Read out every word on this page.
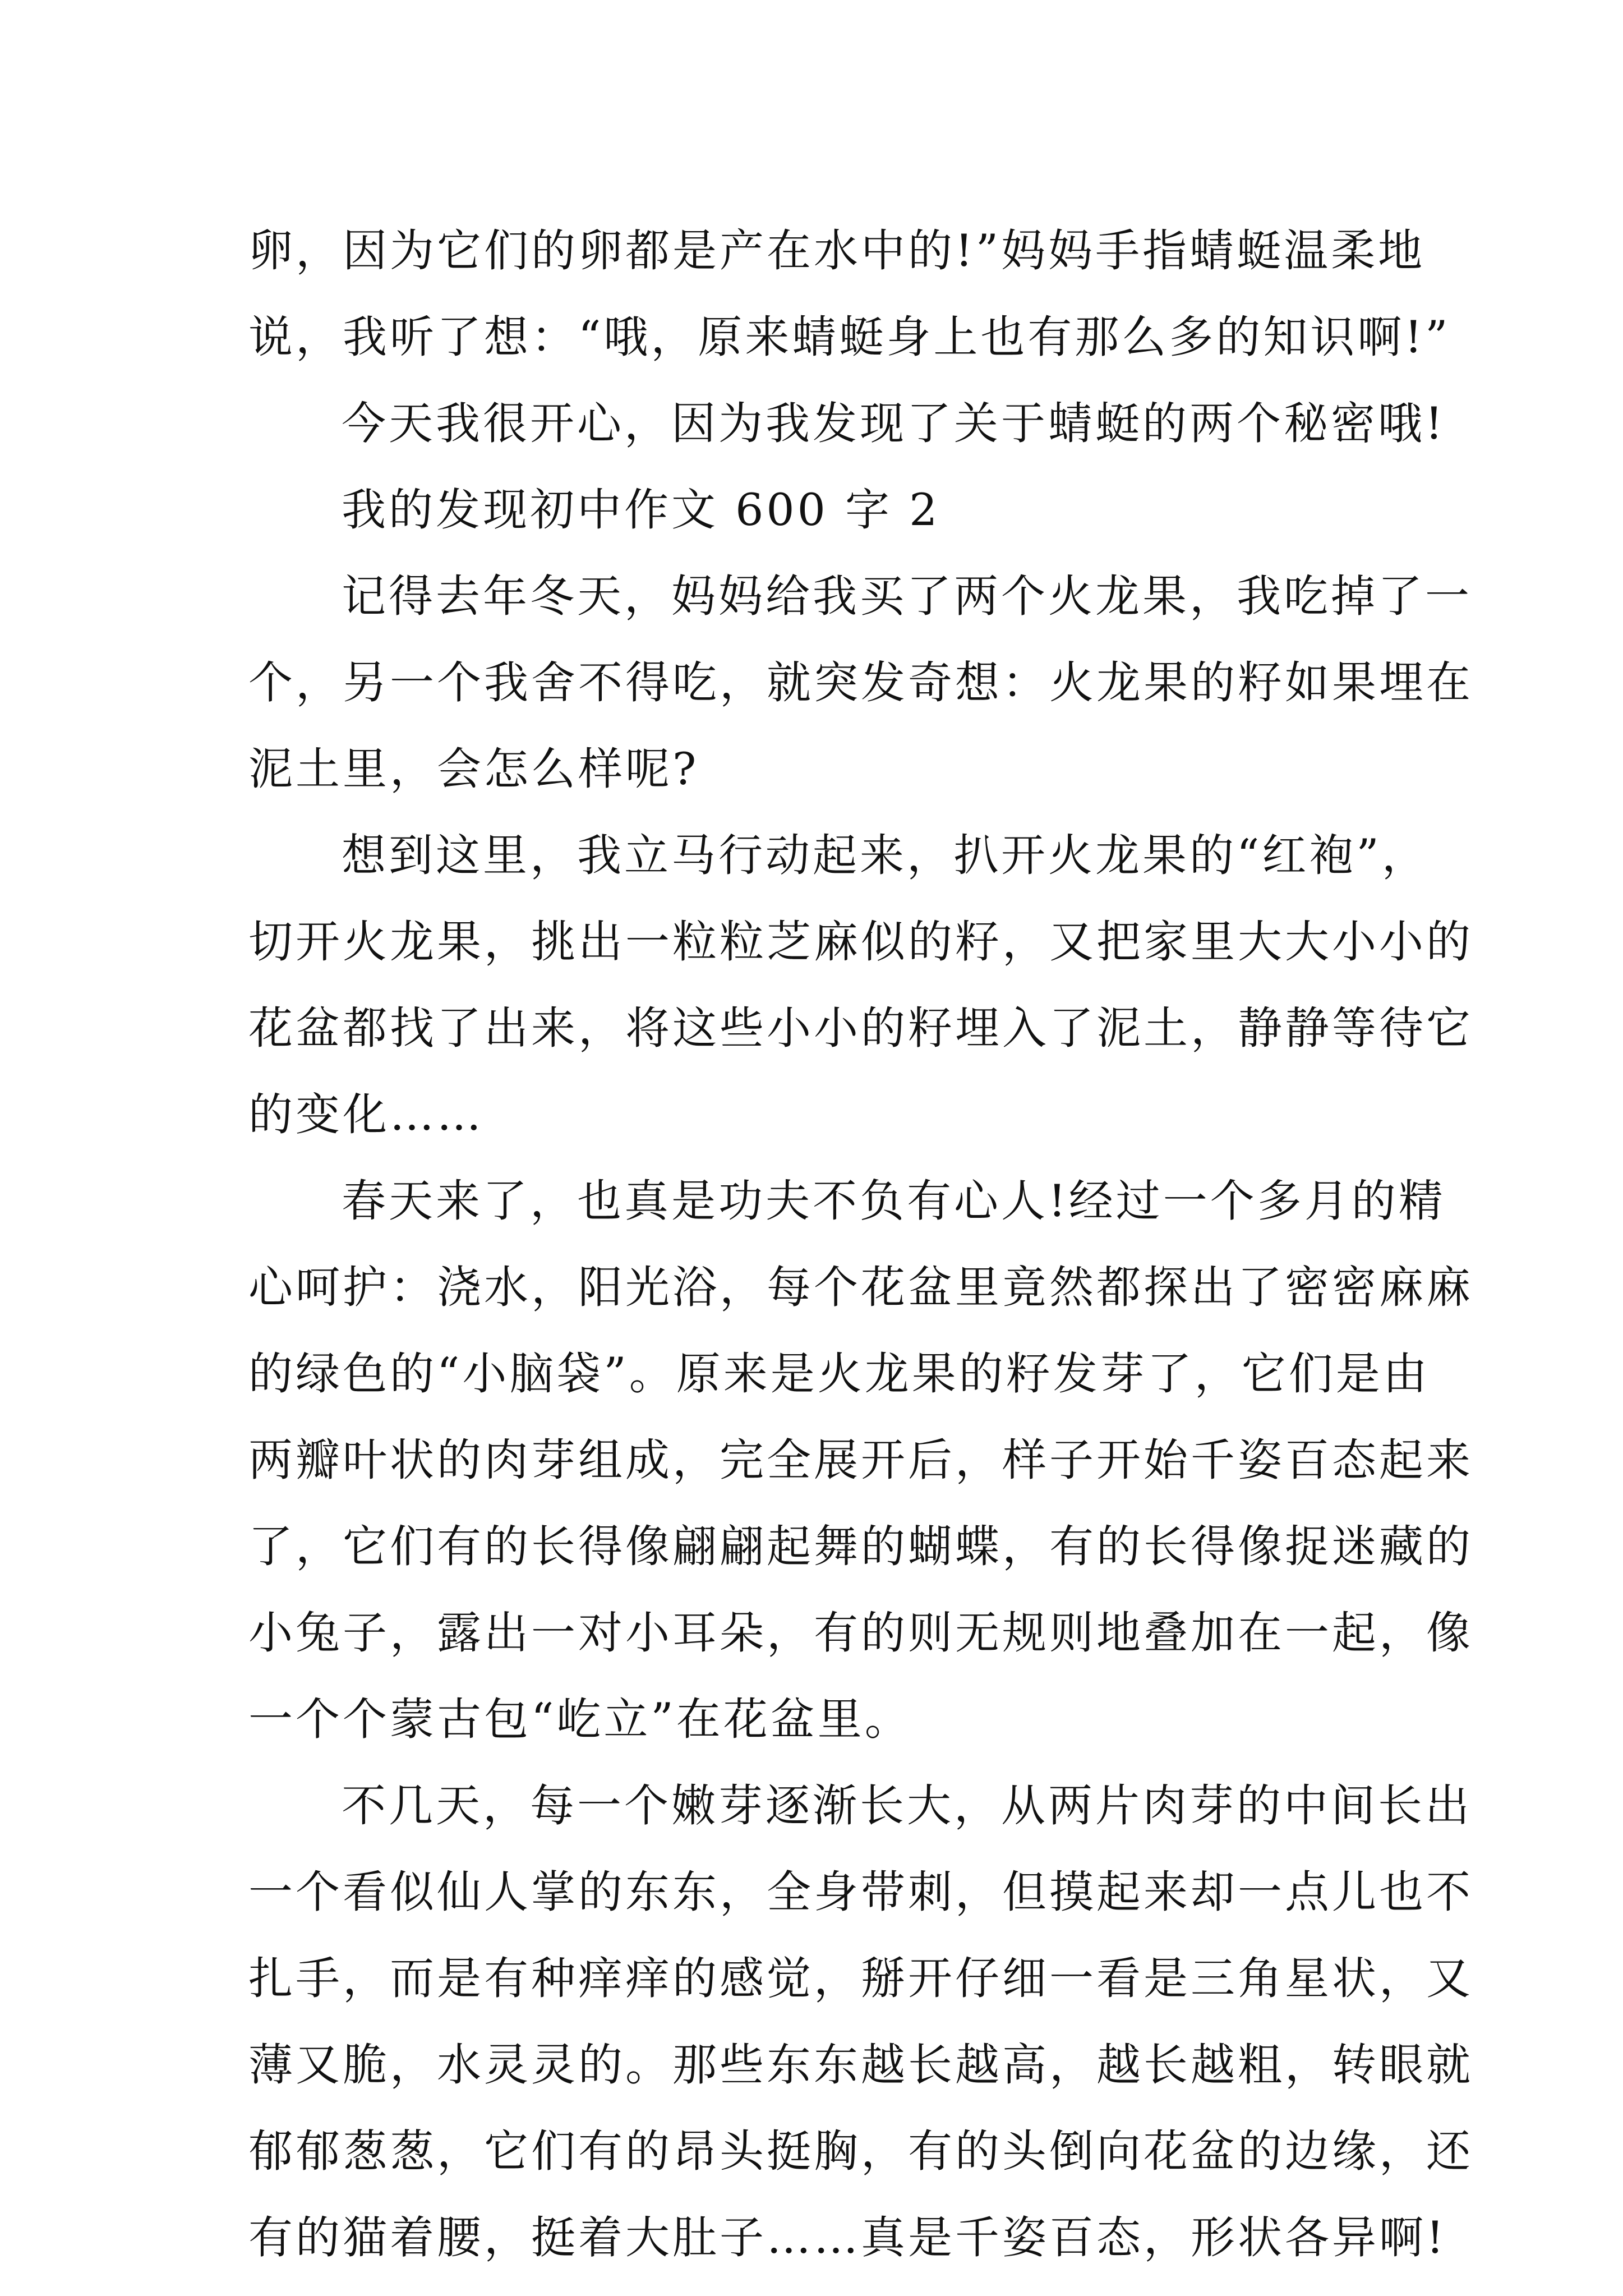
卵，因为它们的卵都是产在水中的!”妈妈手指蜻蜓温柔地
说，我听了想：“哦，原来蜻蜓身上也有那么多的知识啊!”
今天我很开心，因为我发现了关于蜻蜓的两个秘密哦!
我的发现初中作文 600 字 2
记得去年冬天，妈妈给我买了两个火龙果，我吃掉了一
个，另一个我舍不得吃，就突发奇想：火龙果的籽如果埋在
泥土里，会怎么样呢?
想到这里，我立马行动起来，扒开火龙果的“红袍”，
切开火龙果，挑出一粒粒芝麻似的籽，又把家里大大小小的
花盆都找了出来，将这些小小的籽埋入了泥土，静静等待它
的变化……
春天来了，也真是功夫不负有心人!经过一个多月的精
心呵护：浇水，阳光浴，每个花盆里竟然都探出了密密麻麻
的绿色的“小脑袋”。原来是火龙果的籽发芽了，它们是由
两瓣叶状的肉芽组成，完全展开后，样子开始千姿百态起来
了，它们有的长得像翩翩起舞的蝴蝶，有的长得像捉迷藏的
小兔子，露出一对小耳朵，有的则无规则地叠加在一起，像
一个个蒙古包“屹立”在花盆里。
不几天，每一个嫩芽逐渐长大，从两片肉芽的中间长出
一个看似仙人掌的东东，全身带刺，但摸起来却一点儿也不
扎手，而是有种痒痒的感觉，掰开仔细一看是三角星状，又
薄又脆，水灵灵的。那些东东越长越高，越长越粗，转眼就
郁郁葱葱，它们有的昂头挺胸，有的头倒向花盆的边缘，还
有的猫着腰，挺着大肚子……真是千姿百态，形状各异啊!
